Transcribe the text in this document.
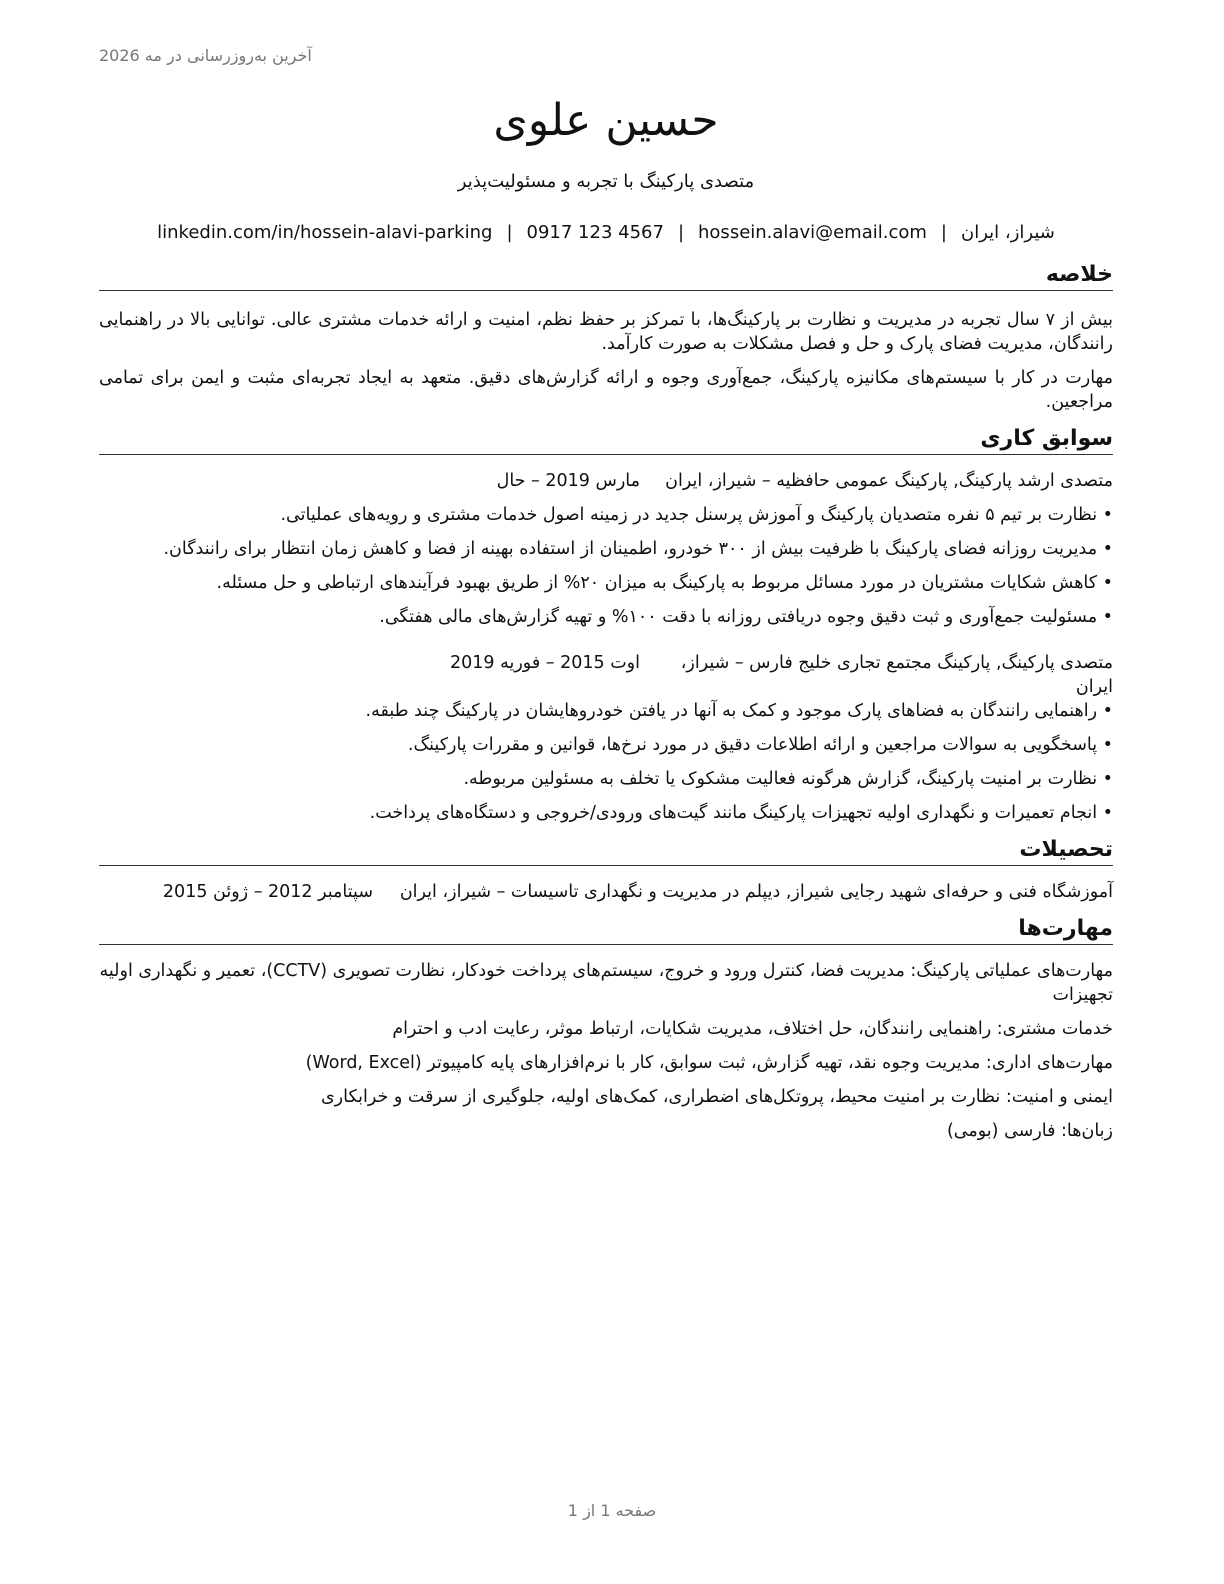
آخرین به‌روزرسانی در مه 2026
حسین علوی
متصدی پارکینگ با تجربه و مسئولیت‌پذیر
شیراز، ایران|hossein.alavi@email.com|0917 123 4567|linkedin.com/in/hossein-alavi-parking
خلاصه

بیش از ۷ سال تجربه در مدیریت و نظارت بر پارکینگ‌ها، با تمرکز بر حفظ نظم، امنیت و ارائه خدمات مشتری عالی. توانایی بالا در راهنمایی رانندگان، مدیریت فضای پارک و حل و فصل مشکلات به صورت کارآمد.

مهارت در کار با سیستم‌های مکانیزه پارکینگ، جمع‌آوری وجوه و ارائه گزارش‌های دقیق. متعهد به ایجاد تجربه‌ای مثبت و ایمن برای تمامی مراجعین.

سوابق کاری
متصدی ارشد پارکینگ, پارکینگ عمومی حافظیه – شیراز، ایران
مارس 2019 – حال
• نظارت بر تیم ۵ نفره متصدیان پارکینگ و آموزش پرسنل جدید در زمینه اصول خدمات مشتری و رویه‌های عملیاتی.
• مدیریت روزانه فضای پارکینگ با ظرفیت بیش از ۳۰۰ خودرو، اطمینان از استفاده بهینه از فضا و کاهش زمان انتظار برای رانندگان.
• کاهش شکایات مشتریان در مورد مسائل مربوط به پارکینگ به میزان ۲۰% از طریق بهبود فرآیندهای ارتباطی و حل مسئله.
• مسئولیت جمع‌آوری و ثبت دقیق وجوه دریافتی روزانه با دقت ۱۰۰% و تهیه گزارش‌های مالی هفتگی.
متصدی پارکینگ, پارکینگ مجتمع تجاری خلیج فارس – شیراز، ایران
اوت 2015 – فوریه 2019
• راهنمایی رانندگان به فضاهای پارک موجود و کمک به آنها در یافتن خودروهایشان در پارکینگ چند طبقه.
• پاسخگویی به سوالات مراجعین و ارائه اطلاعات دقیق در مورد نرخ‌ها، قوانین و مقررات پارکینگ.
• نظارت بر امنیت پارکینگ، گزارش هرگونه فعالیت مشکوک یا تخلف به مسئولین مربوطه.
• انجام تعمیرات و نگهداری اولیه تجهیزات پارکینگ مانند گیت‌های ورودی/خروجی و دستگاه‌های پرداخت.
تحصیلات
آموزشگاه فنی و حرفه‌ای شهید رجایی شیراز, دیپلم در مدیریت و نگهداری تاسیسات – شیراز، ایران
سپتامبر 2012 – ژوئن 2015
مهارت‌ها
مهارت‌های عملیاتی پارکینگ: مدیریت فضا، کنترل ورود و خروج، سیستم‌های پرداخت خودکار، نظارت تصویری (CCTV)، تعمیر و نگهداری اولیه تجهیزات
خدمات مشتری: راهنمایی رانندگان، حل اختلاف، مدیریت شکایات، ارتباط موثر، رعایت ادب و احترام
مهارت‌های اداری: مدیریت وجوه نقد، تهیه گزارش، ثبت سوابق، کار با نرم‌افزارهای پایه کامپیوتر (Word, Excel)
ایمنی و امنیت: نظارت بر امنیت محیط، پروتکل‌های اضطراری، کمک‌های اولیه، جلوگیری از سرقت و خرابکاری
زبان‌ها: فارسی (بومی)
صفحه 1 از 1
